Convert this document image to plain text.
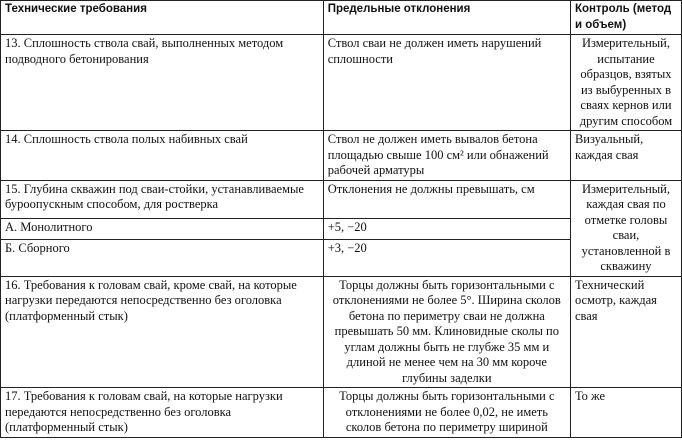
Технические требования	Предельные отклонения	Контроль (метод и объем)
13. Сплошность ствола свай, выполненных методом подводного бетонирования	Ствол сваи не должен иметь нарушений сплошности	Измерительный, испытание образцов, взятых из выбуренных в сваях кернов или другим способом
14. Сплошность ствола полых набивных свай	Ствол не должен иметь вывалов бетона площадью свыше 100 см² или обнажений рабочей арматуры	Визуальный, каждая свая
15. Глубина скважин под сваи-стойки, устанавливаемые буроопускным способом, для ростверка	Отклонения не должны превышать, см	Измерительный, каждая свая по отметке головы сваи, установленной в скважину
А. Монолитного	+5, −20	
Б. Сборного	+3, −20	
16. Требования к головам свай, кроме свай, на которые нагрузки передаются непосредственно без оголовка (платформенный стык)	Торцы должны быть горизонтальными с отклонениями не более 5°. Ширина сколов бетона по периметру сваи не должна превышать 50 мм. Клиновидные сколы по углам должны быть не глубже 35 мм и длиной не менее чем на 30 мм короче глубины заделки	Технический осмотр, каждая свая
17. Требования к головам свай, на которые нагрузки передаются непосредственно без оголовка (платформенный стык)	Торцы должны быть горизонтальными с отклонениями не более 0,02, не иметь сколов бетона по периметру шириной	То же
